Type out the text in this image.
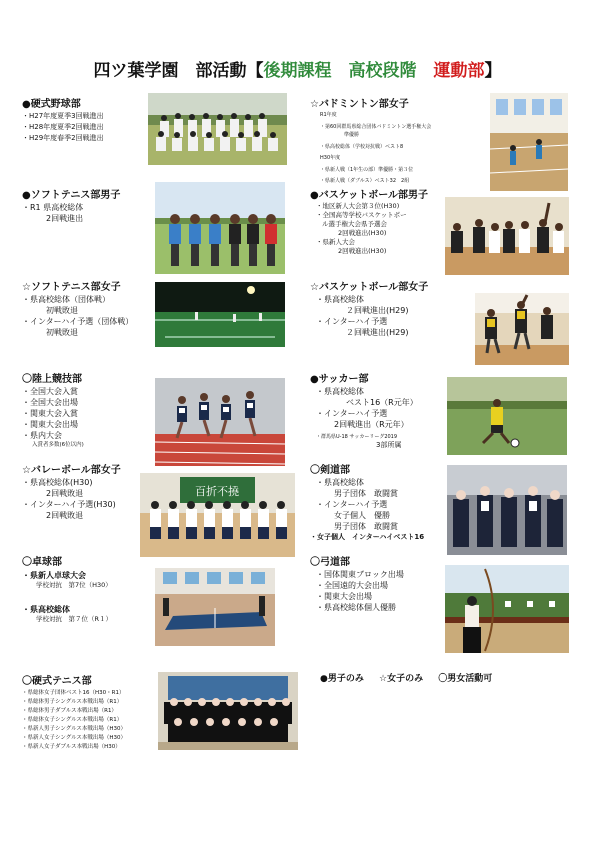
四ツ葉学園　部活動【後期課程　高校段階　運動部】
●硬式野球部
・H27年度夏季3回戦進出
・H28年度夏季2回戦進出
・H29年度春季2回戦進出
●ソフトテニス部男子
・R1 県高校総体
2回戦進出
☆ソフトテニス部女子
・県高校総体（団体戦）
初戦敗退
・インターハイ予選（団体戦）
初戦敗退
〇陸上競技部
・全国大会入賞
・全国大会出場
・関東大会入賞
・関東大会出場
・県内大会
入賞者多数(6位以内)
☆バレーボール部女子
・県高校総体(H30)
2回戦敗退
・インターハイ予選(H30)
2回戦敗退
百折不撓
〇卓球部
・県新人卓球大会
学校対抗　第7位（H30）
・県高校総体
学校対抗　第７位（R１）
〇硬式テニス部
・県総体女子団体ベスト16（H30・R1）
・県総体男子シングルス本戦出場（R1）
・県総体男子ダブルス本戦出場（R1）
・県総体女子シングルス本戦出場（R1）
・県新人男子シングルス本戦出場（H30）
・県新人女子シングルス本戦出場（H30）
・県新人女子ダブルス本戦出場（H30）
☆バドミントン部女子
R1年度
・第60回群馬県総合団体バドミントン選手権大会
準優勝
・県高校総体（学校対抗戦）ベスト8
H30年度
・県新人戦（1年生の部）準優勝・第３位
・県新人戦（ダブルス）ベスト32　2組
●バスケットボール部男子
・地区新人大会第３位(H30)
・全国高等学校バスケットボー
ル選手権大会県予選会
2回戦進出(H30)
・県新人大会
2回戦進出(H30)
☆バスケットボール部女子
・県高校総体
２回戦進出(H29)
・インターハイ予選
２回戦進出(H29)
●サッカー部
・県高校総体
ベスト16（R元年）
・インターハイ予選
2回戦進出（R元年）
・群馬県U‐18 サッカーリーグ2019
3部所属
〇剣道部
・県高校総体
男子団体　敢闘賞
・インターハイ予選
女子個人　優勝
男子団体　敢闘賞
・女子個人　インターハイベスト16
〇弓道部
・国体関東ブロック出場
・全国遠的大会出場
・関東大会出場
・県高校総体個人優勝
●男子のみ ☆女子のみ 〇男女活動可
